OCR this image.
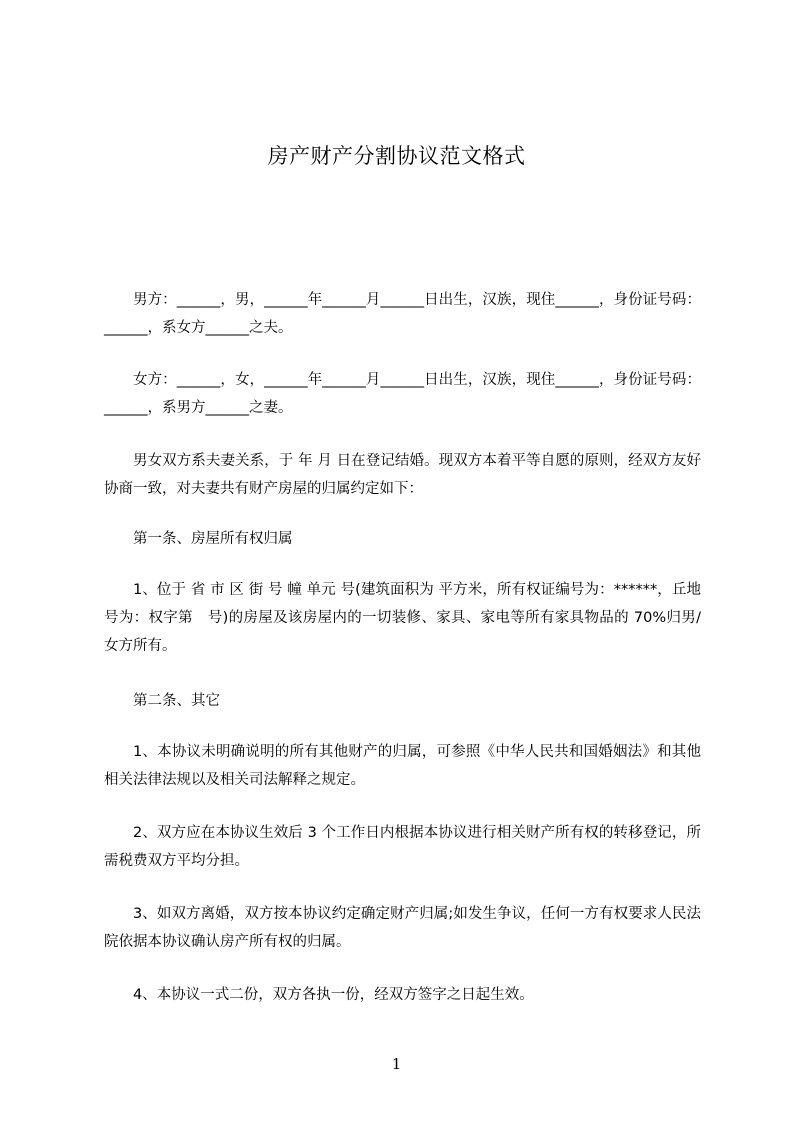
房产财产分割协议范文格式

男方：______，男，______年______月______日出生，汉族，现住______，身份证号码：______，系女方______之夫。

女方：______，女，______年______月______日出生，汉族，现住______，身份证号码：______，系男方______之妻。

男女双方系夫妻关系，于 年 月 日在登记结婚。现双方本着平等自愿的原则，经双方友好协商一致，对夫妻共有财产房屋的归属约定如下：

第一条、房屋所有权归属

1、位于 省 市 区 街 号 幢 单元 号(建筑面积为 平方米，所有权证编号为：******，丘地号为：权字第　号)的房屋及该房屋内的一切装修、家具、家电等所有家具物品的 70%归男/女方所有。

第二条、其它

1、本协议未明确说明的所有其他财产的归属，可参照《中华人民共和国婚姻法》和其他相关法律法规以及相关司法解释之规定。

2、双方应在本协议生效后 3 个工作日内根据本协议进行相关财产所有权的转移登记，所需税费双方平均分担。

3、如双方离婚，双方按本协议约定确定财产归属;如发生争议，任何一方有权要求人民法院依据本协议确认房产所有权的归属。

4、本协议一式二份，双方各执一份，经双方签字之日起生效。

1
